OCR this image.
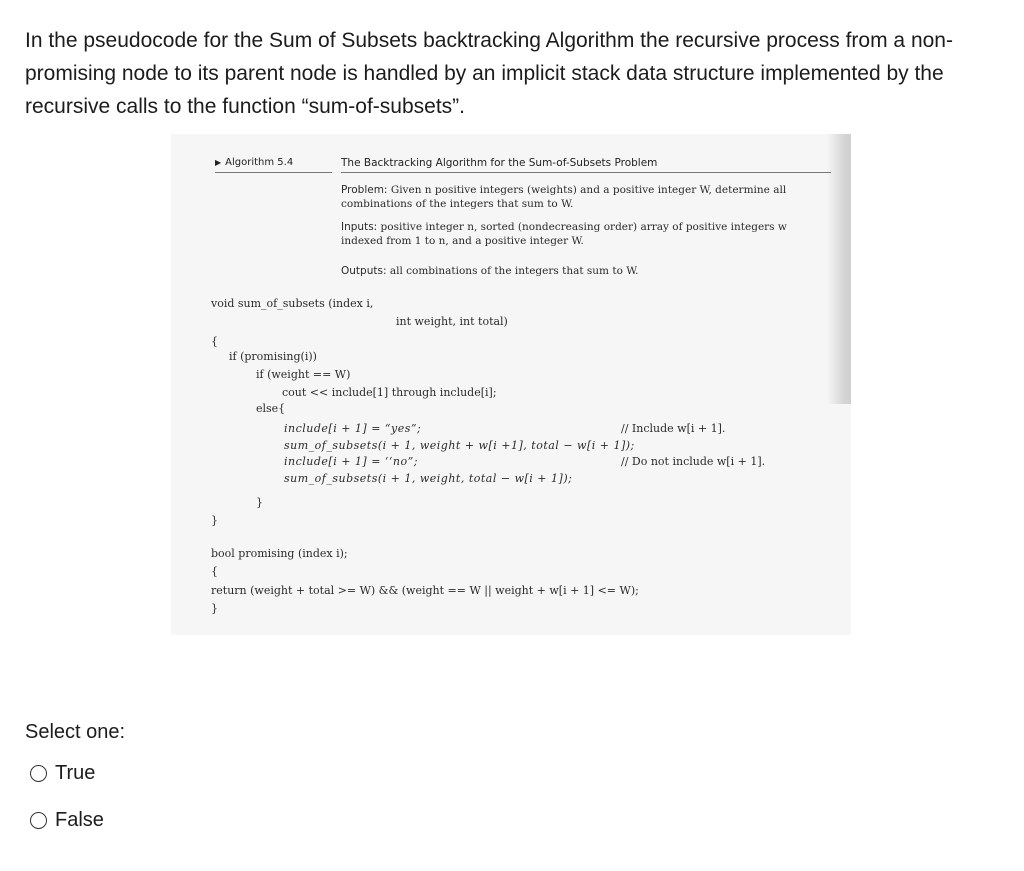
In the pseudocode for the Sum of Subsets backtracking Algorithm the recursive process from a non-promising node to its parent node is handled by an implicit stack data structure implemented by the recursive calls to the function “sum-of-subsets”.
▶ Algorithm 5.4	The Backtracking Algorithm for the Sum-of-Subsets Problem
Problem: Given n positive integers (weights) and a positive integer W, determine all combinations of the integers that sum to W.
Inputs: positive integer n, sorted (nondecreasing order) array of positive integers w indexed from 1 to n, and a positive integer W.
Outputs: all combinations of the integers that sum to W.
void sum_of_subsets (index i,
int weight, int total)
{
if (promising(i))
if (weight == W)
cout << include[1] through include[i];
else{
include[i + 1] = “yes”;	// Include w[i + 1].
sum_of_subsets(i + 1, weight + w[i +1], total − w[i + 1]);
include[i + 1] = ‘‘no”;	// Do not include w[i + 1].
sum_of_subsets(i + 1, weight, total − w[i + 1]);
}
}
bool promising (index i);
{
return (weight + total >= W) && (weight == W || weight + w[i + 1] <= W);
}
Select one:
True
False
